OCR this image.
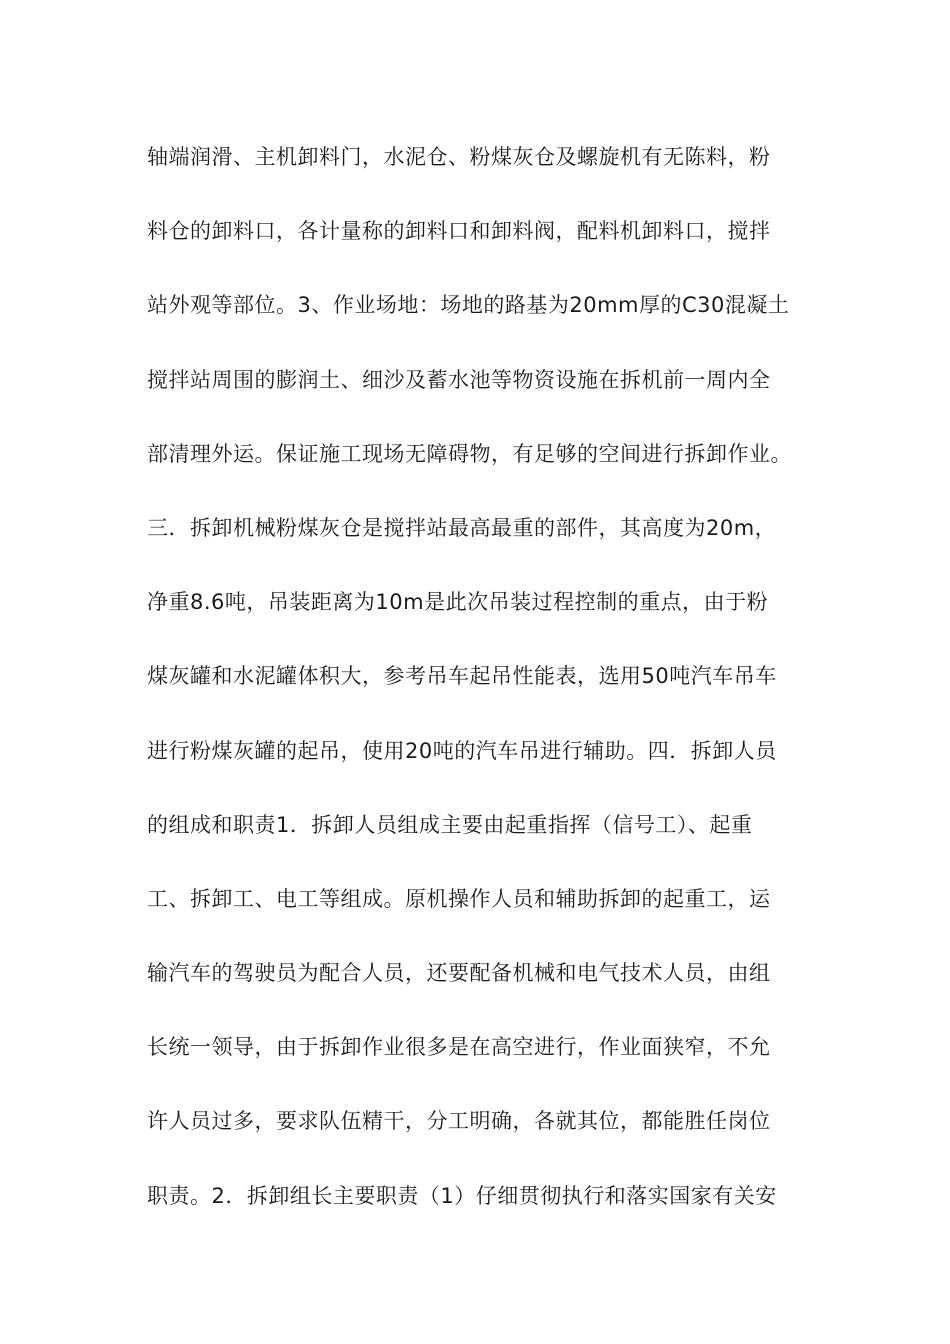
轴端润滑、主机卸料门，水泥仓、粉煤灰仓及螺旋机有无陈料，粉
料仓的卸料口，各计量称的卸料口和卸料阀，配料机卸料口，搅拌
站外观等部位。3、作业场地：场地的路基为20mm厚的C30混凝土
搅拌站周围的膨润土、细沙及蓄水池等物资设施在拆机前一周内全
部清理外运。保证施工现场无障碍物，有足够的空间进行拆卸作业。
三．拆卸机械粉煤灰仓是搅拌站最高最重的部件，其高度为20m，
净重8.6吨，吊装距离为10m是此次吊装过程控制的重点，由于粉
煤灰罐和水泥罐体积大，参考吊车起吊性能表，选用50吨汽车吊车
进行粉煤灰罐的起吊，使用20吨的汽车吊进行辅助。四．拆卸人员
的组成和职责1．拆卸人员组成主要由起重指挥（信号工）、起重
工、拆卸工、电工等组成。原机操作人员和辅助拆卸的起重工，运
输汽车的驾驶员为配合人员，还要配备机械和电气技术人员，由组
长统一领导，由于拆卸作业很多是在高空进行，作业面狭窄，不允
许人员过多，要求队伍精干，分工明确，各就其位，都能胜任岗位
职责。2．拆卸组长主要职责（1）仔细贯彻执行和落实国家有关安
